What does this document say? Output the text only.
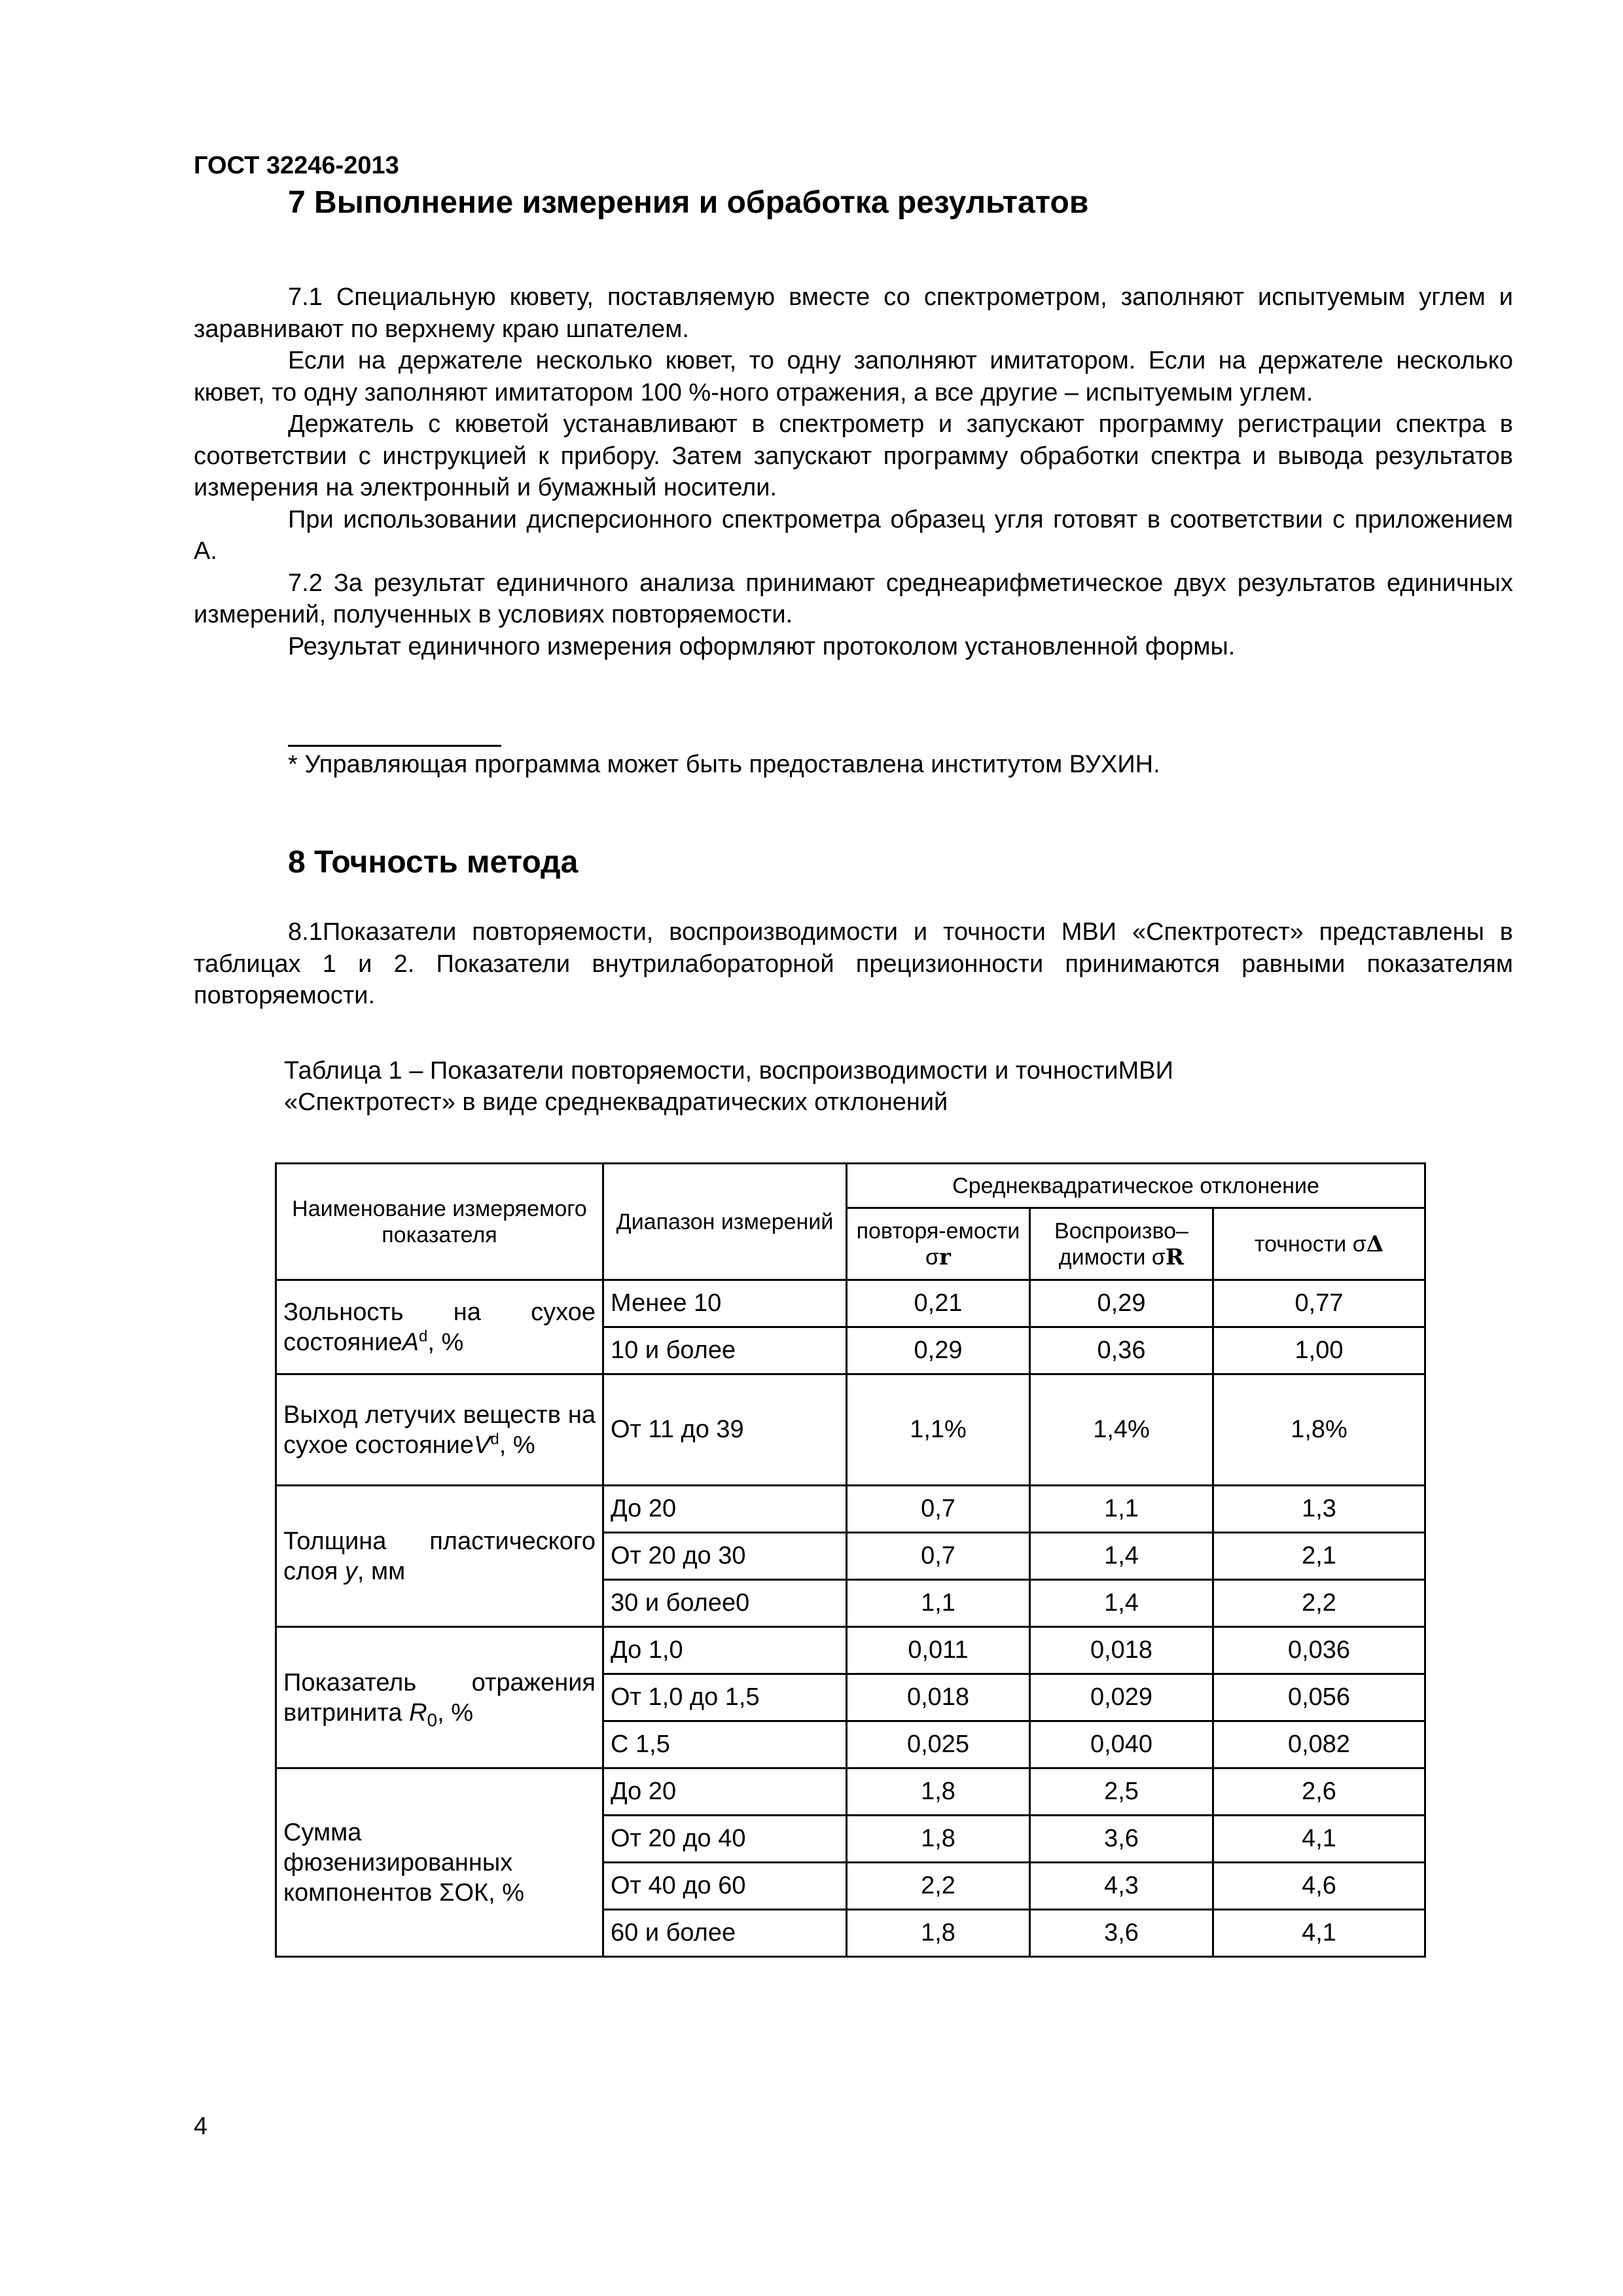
ГОСТ 32246-2013
7 Выполнение измерения и обработка результатов

7.1 Специальную кювету, поставляемую вместе со спектрометром, заполняют испытуемым углем и заравнивают по верхнему краю шпателем.

Если на держателе несколько кювет, то одну заполняют имитатором. Если на держателе несколько кювет, то одну заполняют имитатором 100 %-ного отражения, а все другие – испытуемым углем.

Держатель с кюветой устанавливают в спектрометр и запускают программу регистрации спектра в соответствии с инструкцией к прибору. Затем запускают программу обработки спектра и вывода результатов измерения на электронный и бумажный носители.

При использовании дисперсионного спектрометра образец угля готовят в соответствии с приложением А.

7.2 За результат единичного анализа принимают среднеарифметическое двух результатов единичных измерений, полученных в условиях повторяемости.

Результат единичного измерения оформляют протоколом установленной формы.

* Управляющая программа может быть предоставлена институтом ВУХИН.
8 Точность метода

8.1Показатели повторяемости, воспроизводимости и точности МВИ «Спектротест» представлены в таблицах 1 и 2. Показатели внутрилабораторной прецизионности принимаются равными показателям повторяемости.

Таблица 1 – Показатели повторяемости, воспроизводимости и точностиМВИ
«Спектротест» в виде среднеквадратических отклонений
Наименование измеряемого показателя	Диапазон измерений	Среднеквадратическое отклонение		
		повторя-емости σr	Воспроизво–димости σR	точности σΔ
Зольность на сухое состояниеA$^d$, %	Менее 10	0,21	0,29	0,77
	10 и более	0,29	0,36	1,00
Выход летучих веществ на сухое состояниеV$^d$, %	От 11 до 39	1,1%	1,4%	1,8%
Толщина пластического слоя y, мм	До 20	0,7	1,1	1,3
	От 20 до 30	0,7	1,4	2,1
	30 и более0	1,1	1,4	2,2
Показатель отражения витринита $R_0$, %	До 1,0	0,011	0,018	0,036
	От 1,0 до 1,5	0,018	0,029	0,056
	С 1,5	0,025	0,040	0,082
Сумма фюзенизированных компонентов ΣОК, %	До 20	1,8	2,5	2,6
	От 20 до 40	1,8	3,6	4,1
	От 40 до 60	2,2	4,3	4,6
	60 и более	1,8	3,6	4,1
4
